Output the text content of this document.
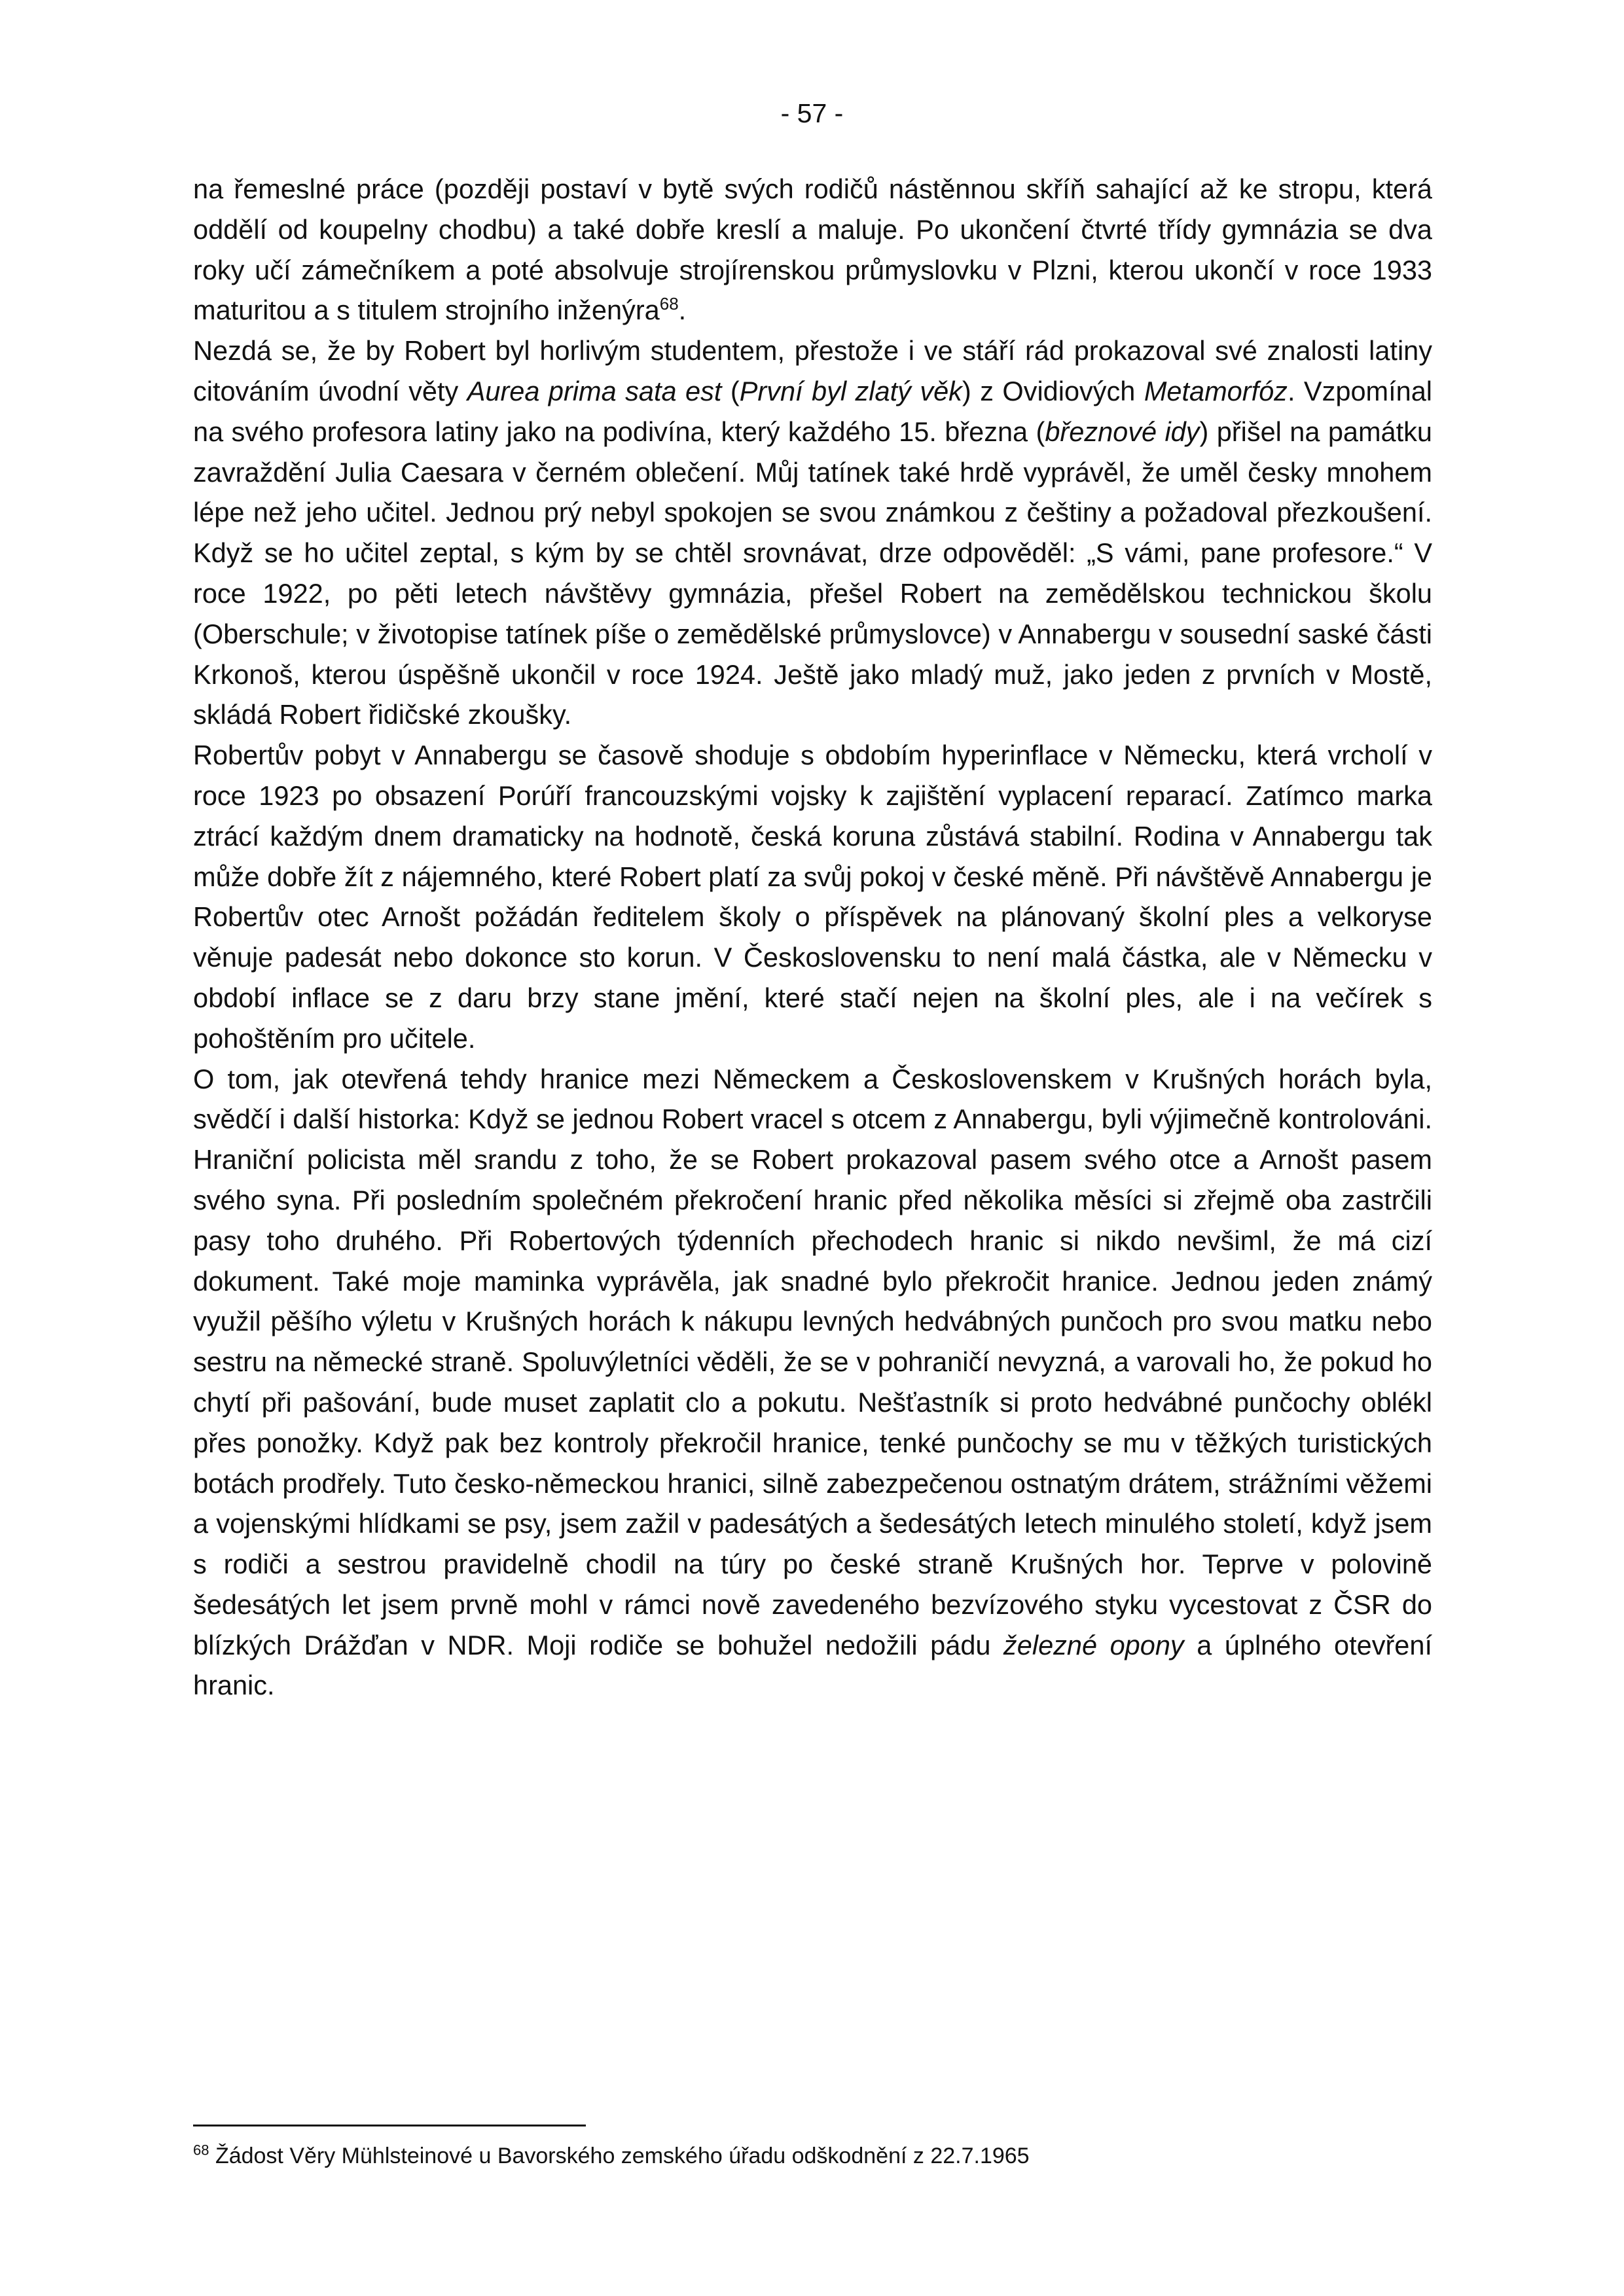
- 57 -

na řemeslné práce (později postaví v bytě svých rodičů nástěnnou skříň sahající až ke stropu, která oddělí od koupelny chodbu) a také dobře kreslí a maluje. Po ukončení čtvrté třídy gymnázia se dva roky učí zámečníkem a poté absolvuje strojírenskou průmyslovku v Plzni, kterou ukončí v roce 1933 maturitou a s titulem strojního inženýra$^{68}$.

Nezdá se, že by Robert byl horlivým studentem, přestože i ve stáří rád prokazoval své znalosti latiny citováním úvodní věty Aurea prima sata est (První byl zlatý věk) z Ovidiových Metamorfóz. Vzpomínal na svého profesora latiny jako na podivína, který každého 15. března (březnové idy) přišel na památku zavraždění Julia Caesara v černém oblečení. Můj tatínek také hrdě vyprávěl, že uměl česky mnohem lépe než jeho učitel. Jednou prý nebyl spokojen se svou známkou z češtiny a požadoval přezkoušení. Když se ho učitel zeptal, s kým by se chtěl srovnávat, drze odpověděl: „S vámi, pane profesore.“ V roce 1922, po pěti letech návštěvy gymnázia, přešel Robert na zemědělskou technickou školu (Oberschule; v životopise tatínek píše o zemědělské průmyslovce) v Annabergu v sousední saské části Krkonoš, kterou úspěšně ukončil v roce 1924. Ještě jako mladý muž, jako jeden z prvních v Mostě, skládá Robert řidičské zkoušky.

Robertův pobyt v Annabergu se časově shoduje s obdobím hyperinflace v Německu, která vrcholí v roce 1923 po obsazení Porúří francouzskými vojsky k zajištění vyplacení reparací. Zatímco marka ztrácí každým dnem dramaticky na hodnotě, česká koruna zůstává stabilní. Rodina v Annabergu tak může dobře žít z nájemného, které Robert platí za svůj pokoj v české měně. Při návštěvě Annabergu je Robertův otec Arnošt požádán ředitelem školy o příspěvek na plánovaný školní ples a velkoryse věnuje padesát nebo dokonce sto korun. V Československu to není malá částka, ale v Německu v období inflace se z daru brzy stane jmění, které stačí nejen na školní ples, ale i na večírek s pohoštěním pro učitele.

O tom, jak otevřená tehdy hranice mezi Německem a Československem v Krušných horách byla, svědčí i další historka: Když se jednou Robert vracel s otcem z Annabergu, byli výjimečně kontrolováni. Hraniční policista měl srandu z toho, že se Robert prokazoval pasem svého otce a Arnošt pasem svého syna. Při posledním společném překročení hranic před několika měsíci si zřejmě oba zastrčili pasy toho druhého. Při Robertových týdenních přechodech hranic si nikdo nevšiml, že má cizí dokument. Také moje maminka vyprávěla, jak snadné bylo překročit hranice. Jednou jeden známý využil pěšího výletu v Krušných horách k nákupu levných hedvábných punčoch pro svou matku nebo sestru na německé straně. Spoluvýletníci věděli, že se v pohraničí nevyzná, a varovali ho, že pokud ho chytí při pašování, bude muset zaplatit clo a pokutu. Nešťastník si proto hedvábné punčochy oblékl přes ponožky. Když pak bez kontroly překročil hranice, tenké punčochy se mu v těžkých turistických botách prodřely. Tuto česko-německou hranici, silně zabezpečenou ostnatým drátem, strážními věžemi a vojenskými hlídkami se psy, jsem zažil v padesátých a šedesátých letech minulého století, když jsem s rodiči a sestrou pravidelně chodil na túry po české straně Krušných hor. Teprve v polovině šedesátých let jsem prvně mohl v rámci nově zavedeného bezvízového styku vycestovat z ČSR do blízkých Drážďan v NDR. Moji rodiče se bohužel nedožili pádu železné opony a úplného otevření hranic.

$^{68}$ Žádost Věry Mühlsteinové u Bavorského zemského úřadu odškodnění z 22.7.1965
